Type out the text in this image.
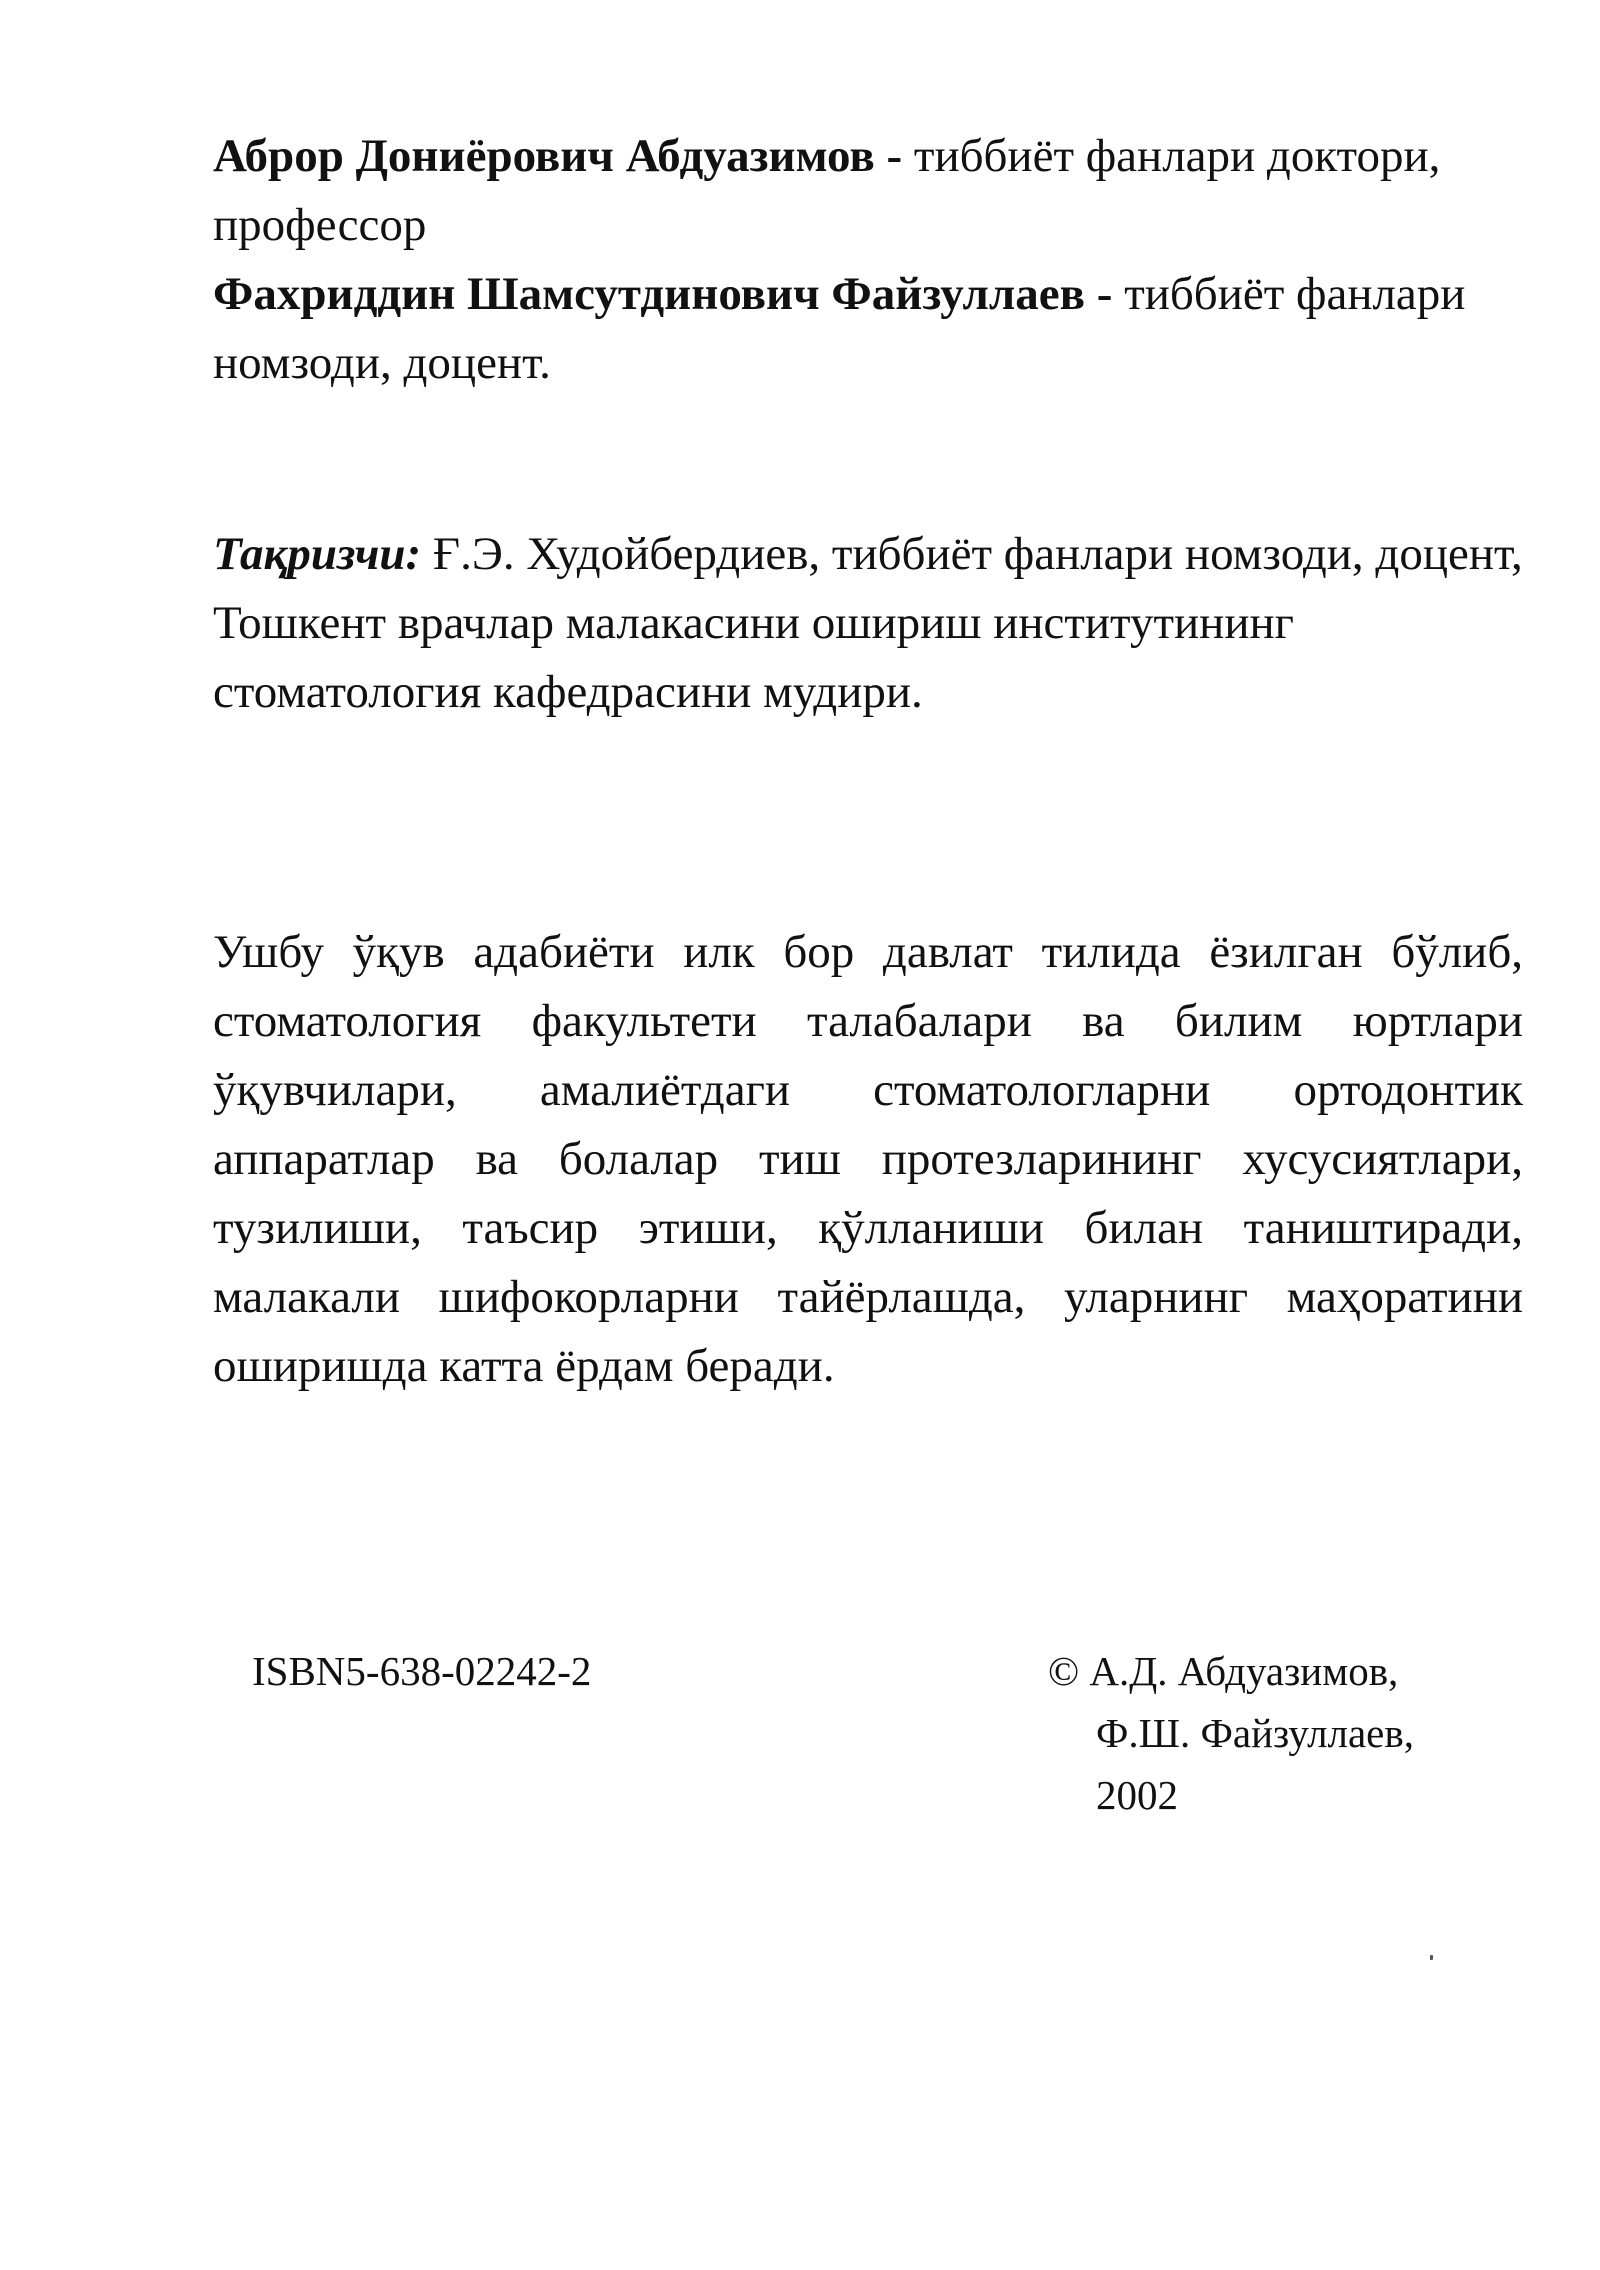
Аброр Дониёрович Абдуазимов - тиббиёт фанлари доктори, профессор

Фахриддин Шамсутдинович Файзуллаев - тиббиёт фанлари номзоди, доцент.

Тақризчи: Ғ.Э. Худойбердиев, тиббиёт фанлари номзоди, доцент, Тошкент врачлар малакасини ошириш институтининг стоматология кафедрасини мудири.
Ушбу ўқув адабиёти илк бор давлат тилида ёзилган бўлиб, стоматология факультети талабалари ва билим юртлари ўқувчилари, амалиётдаги стоматологларни ортодонтик аппаратлар ва болалар тиш протезларининг хусусиятлари, тузилиши, таъсир этиши, қўлланиши билан таништиради, малакали шифокорларни тайёрлашда, уларнинг маҳоратини оширишда катта ёрдам беради.
ISBN5-638-02242-2	© А.Д. Абдуазимов,
Ф.Ш. Файзуллаев,
2002
